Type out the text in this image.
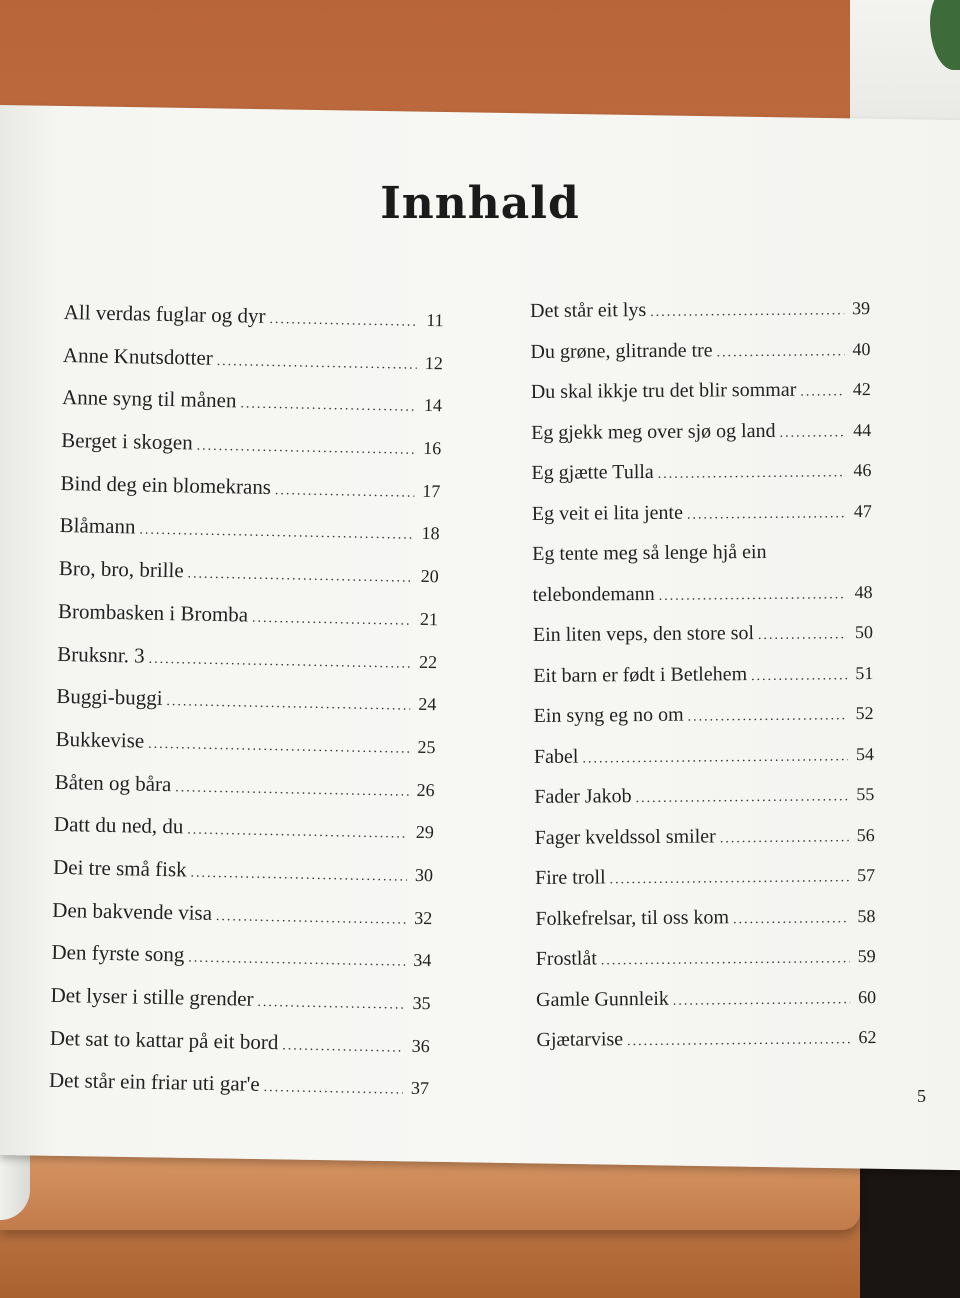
Innhald
All verdas fuglar og dyr .....	11
Anne Knutsdotter .....	12
Anne syng til månen .....	14
Berget i skogen .....	16
Bind deg ein blomekrans .....	17
Blåmann .....	18
Bro, bro, brille .....	20
Brombasken i Bromba .....	21
Bruksnr. 3 .....	22
Buggi-buggi .....	24
Bukkevise .....	25
Båten og båra .....	26
Datt du ned, du .....	29
Dei tre små fisk .....	30
Den bakvende visa .....	32
Den fyrste song .....	34
Det lyser i stille grender .....	35
Det sat to kattar på eit bord .....	36
Det står ein friar uti gar'e .....	37
Det står eit lys .....	39
Du grøne, glitrande tre .....	40
Du skal ikkje tru det blir sommar .....	42
Eg gjekk meg over sjø og land .....	44
Eg gjætte Tulla .....	46
Eg veit ei lita jente .....	47
Eg tente meg så lenge hjå ein
telebondemann .....	48
Ein liten veps, den store sol .....	50
Eit barn er født i Betlehem .....	51
Ein syng eg no om .....	52
Fabel .....	54
Fader Jakob .....	55
Fager kveldssol smiler .....	56
Fire troll .....	57
Folkefrelsar, til oss kom .....	58
Frostlåt .....	59
Gamle Gunnleik .....	60
Gjætarvise .....	62
5
